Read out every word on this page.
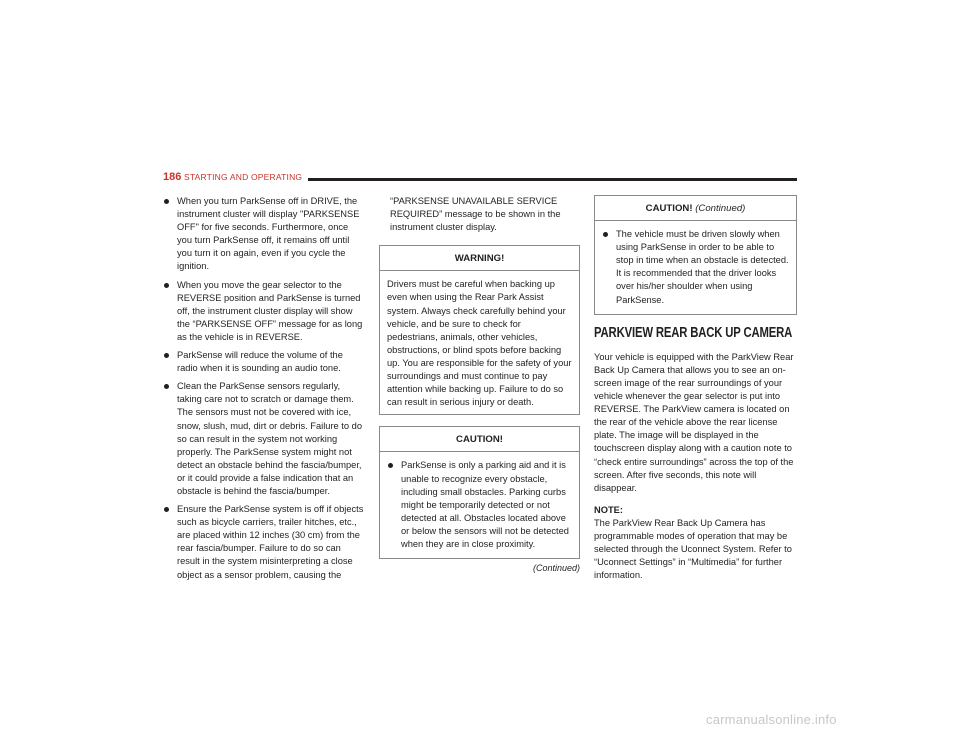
186 STARTING AND OPERATING
When you turn ParkSense off in DRIVE, the instrument cluster will display "PARKSENSE OFF" for five seconds. Furthermore, once you turn ParkSense off, it remains off until you turn it on again, even if you cycle the ignition.
When you move the gear selector to the REVERSE position and ParkSense is turned off, the instrument cluster display will show the “PARKSENSE OFF” message for as long as the vehicle is in REVERSE.
ParkSense will reduce the volume of the radio when it is sounding an audio tone.
Clean the ParkSense sensors regularly, taking care not to scratch or damage them. The sensors must not be covered with ice, snow, slush, mud, dirt or debris. Failure to do so can result in the system not working properly. The ParkSense system might not detect an obstacle behind the fascia/bumper, or it could provide a false indication that an obstacle is behind the fascia/bumper.
Ensure the ParkSense system is off if objects such as bicycle carriers, trailer hitches, etc., are placed within 12 inches (30 cm) from the rear fascia/bumper. Failure to do so can result in the system misinterpreting a close object as a sensor problem, causing the

“PARKSENSE UNAVAILABLE SERVICE REQUIRED” message to be shown in the instrument cluster display.

WARNING!

Drivers must be careful when backing up even when using the Rear Park Assist system. Always check carefully behind your vehicle, and be sure to check for pedestrians, animals, other vehicles, obstructions, or blind spots before backing up. You are responsible for the safety of your surroundings and must continue to pay attention while backing up. Failure to do so can result in serious injury or death.

CAUTION!
ParkSense is only a parking aid and it is unable to recognize every obstacle, including small obstacles. Parking curbs might be temporarily detected or not detected at all. Obstacles located above or below the sensors will not be detected when they are in close proximity.
(Continued)
CAUTION! (Continued)
The vehicle must be driven slowly when using ParkSense in order to be able to stop in time when an obstacle is detected. It is recommended that the driver looks over his/her shoulder when using ParkSense.
PARKVIEW REAR BACK UP CAMERA

Your vehicle is equipped with the ParkView Rear Back Up Camera that allows you to see an on-screen image of the rear surroundings of your vehicle whenever the gear selector is put into REVERSE. The ParkView camera is located on the rear of the vehicle above the rear license plate. The image will be displayed in the touchscreen display along with a caution note to “check entire surroundings” across the top of the screen. After five seconds, this note will disappear.

NOTE:
The ParkView Rear Back Up Camera has programmable modes of operation that may be selected through the Uconnect System. Refer to “Uconnect Settings” in “Multimedia” for further information.

carmanualsonline.info
